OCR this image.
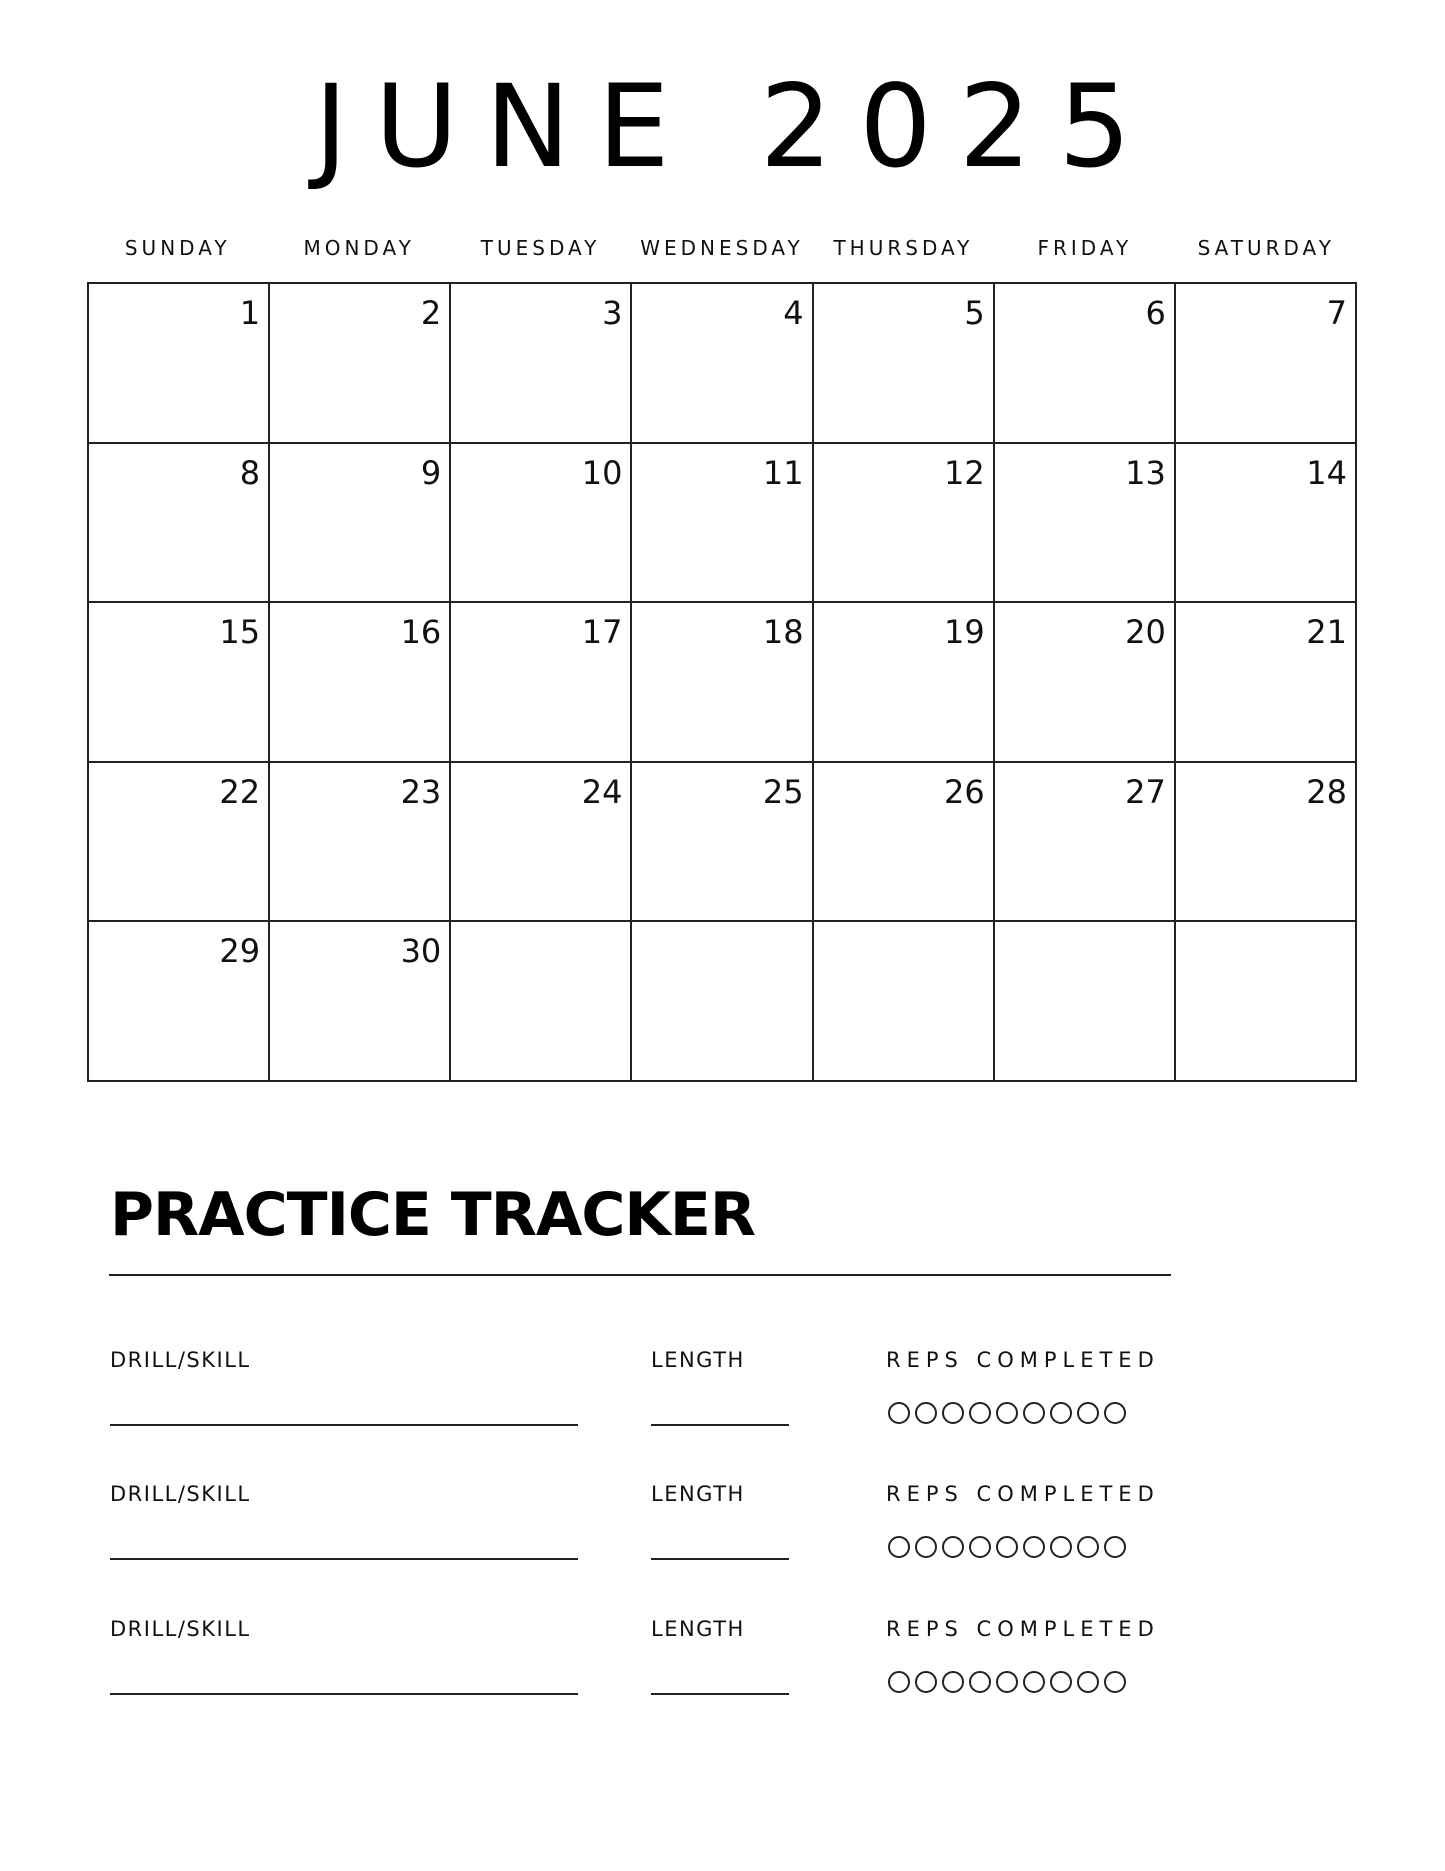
JUNE 2025
SUNDAY	MONDAY	TUESDAY	WEDNESDAY	THURSDAY	FRIDAY	SATURDAY
1	2	3	4	5	6	7
8	9	10	11	12	13	14
15	16	17	18	19	20	21
22	23	24	25	26	27	28
29	30
PRACTICE TRACKER
DRILL/SKILL	LENGTH	REPS COMPLETED
DRILL/SKILL	LENGTH	REPS COMPLETED
DRILL/SKILL	LENGTH	REPS COMPLETED
